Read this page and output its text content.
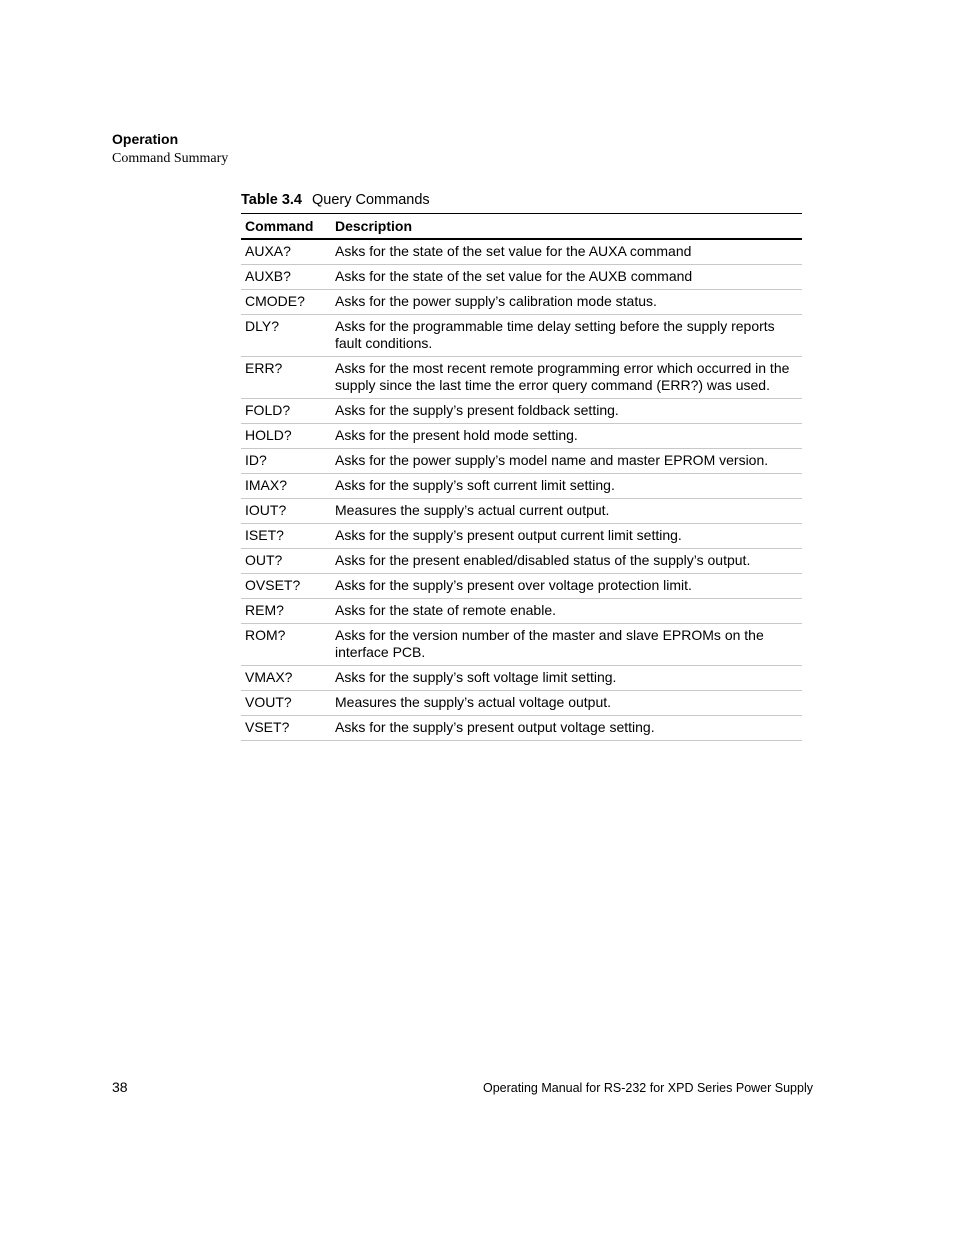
Operation
Command Summary
Table 3.4 Query Commands
Command	Description
AUXA?	Asks for the state of the set value for the AUXA command
AUXB?	Asks for the state of the set value for the AUXB command
CMODE?	Asks for the power supply’s calibration mode status.
DLY?	Asks for the programmable time delay setting before the supply reports fault conditions.
ERR?	Asks for the most recent remote programming error which occurred in the supply since the last time the error query command (ERR?) was used.
FOLD?	Asks for the supply’s present foldback setting.
HOLD?	Asks for the present hold mode setting.
ID?	Asks for the power supply’s model name and master EPROM version.
IMAX?	Asks for the supply’s soft current limit setting.
IOUT?	Measures the supply’s actual current output.
ISET?	Asks for the supply’s present output current limit setting.
OUT?	Asks for the present enabled/disabled status of the supply’s output.
OVSET?	Asks for the supply’s present over voltage protection limit.
REM?	Asks for the state of remote enable.
ROM?	Asks for the version number of the master and slave EPROMs on the interface PCB.
VMAX?	Asks for the supply’s soft voltage limit setting.
VOUT?	Measures the supply’s actual voltage output.
VSET?	Asks for the supply’s present output voltage setting.
38	Operating Manual for RS-232 for XPD Series Power Supply
